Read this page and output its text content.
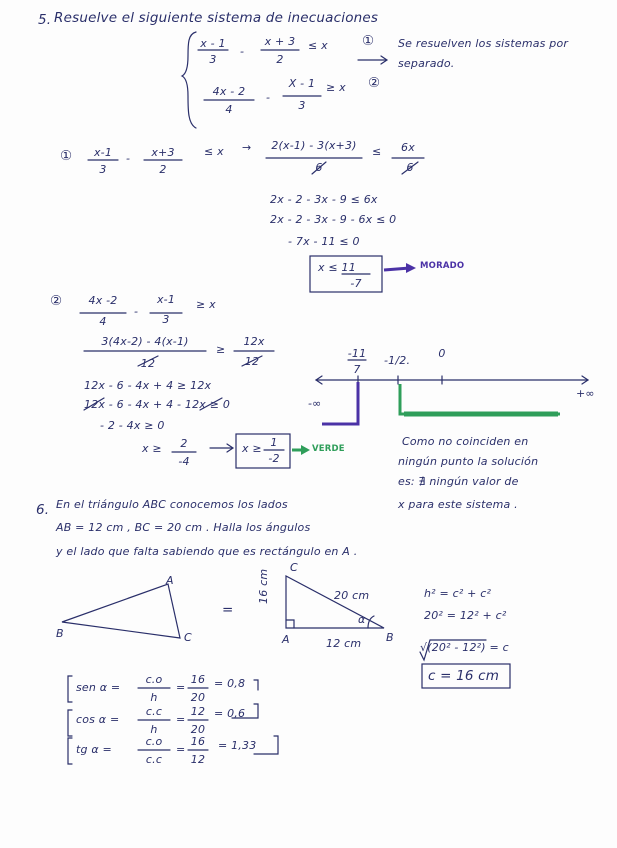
5. Resuelve el siguiente sistema de inecuaciones
x - 1
3
-
x + 3
2
≤ x	①
4x - 2
4
-
X - 1
3
≥ x ②
Se resuelven los sistemas por
separado.
① x-1
3
- x+3
2
≤ x → 2(x-1) - 3(x+3)
6
≤ 6x
6
2x - 2 - 3x - 9 ≤ 6x
2x - 2 - 3x - 9 - 6x ≤ 0
- 7x - 11 ≤ 0
x ≤ 11
-7
MORADO
② 4x -2
4
-
x-1
3
≥ x
3(4x-2) - 4(x-1)
12
≥
12x
12
12x - 6 - 4x + 4 ≥ 12x
12x - 6 - 4x + 4 - 12x ≥ 0
- 2 - 4x ≥ 0
x ≥ 2
-4
x ≥ 1
-2
VERDE
-11
7
-1/2.
0
-∞
+∞
Como no coinciden en
ningún punto la solución
es: ∄ ningún valor de
x para este sistema .
6. En el triángulo ABC conocemos los lados
AB = 12 cm , BC = 20 cm . Halla los ángulos
y el lado que falta sabiendo que es rectángulo en A .
A
B	C
=
C
A	B
20 cm
16 cm
12 cm
α
h² = c² + c²
20² = 12² + c²
√(20² - 12²) = c
c = 16 cm
sen α =
c.o
h
=
16
20
= 0,8
cos α =
c.c
h
=
12
20
= 0,6
tg α =
c.o
c.c
=
16
12
= 1,33
